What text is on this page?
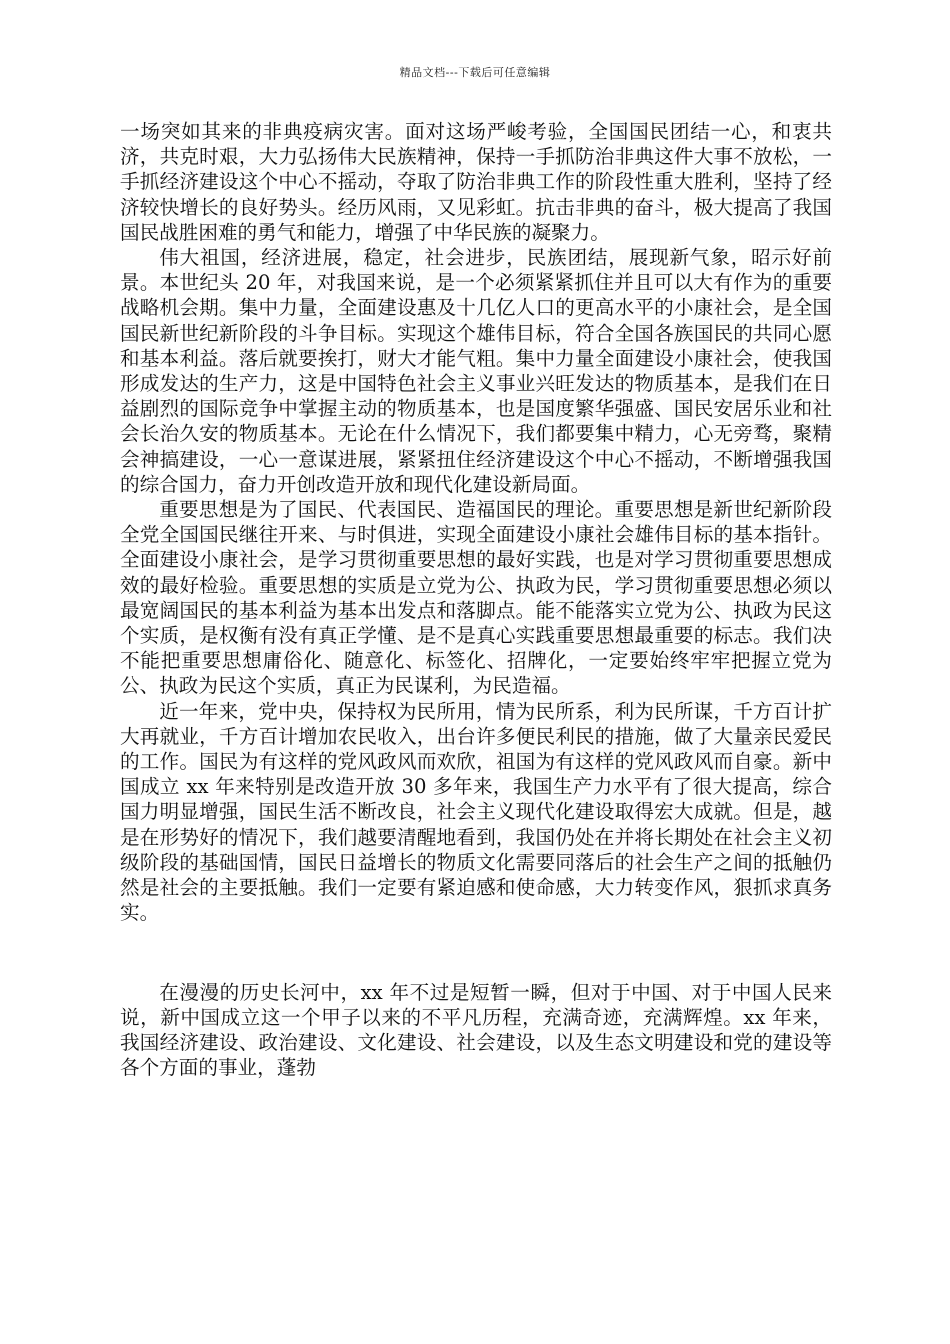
精品文档---下载后可任意编辑

一场突如其来的非典疫病灾害。面对这场严峻考验，全国国民团结一心，和衷共济，共克时艰，大力弘扬伟大民族精神，保持一手抓防治非典这件大事不放松，一手抓经济建设这个中心不摇动，夺取了防治非典工作的阶段性重大胜利，坚持了经济较快增长的良好势头。经历风雨，又见彩虹。抗击非典的奋斗，极大提高了我国国民战胜困难的勇气和能力，增强了中华民族的凝聚力。

伟大祖国，经济进展，稳定，社会进步，民族团结，展现新气象，昭示好前景。本世纪头 20 年，对我国来说，是一个必须紧紧抓住并且可以大有作为的重要战略机会期。集中力量，全面建设惠及十几亿人口的更高水平的小康社会，是全国国民新世纪新阶段的斗争目标。实现这个雄伟目标，符合全国各族国民的共同心愿和基本利益。落后就要挨打，财大才能气粗。集中力量全面建设小康社会，使我国形成发达的生产力，这是中国特色社会主义事业兴旺发达的物质基本，是我们在日益剧烈的国际竞争中掌握主动的物质基本，也是国度繁华强盛、国民安居乐业和社会长治久安的物质基本。无论在什么情况下，我们都要集中精力，心无旁骛，聚精会神搞建设，一心一意谋进展，紧紧扭住经济建设这个中心不摇动，不断增强我国的综合国力，奋力开创改造开放和现代化建设新局面。

重要思想是为了国民、代表国民、造福国民的理论。重要思想是新世纪新阶段全党全国国民继往开来、与时俱进，实现全面建设小康社会雄伟目标的基本指针。全面建设小康社会，是学习贯彻重要思想的最好实践，也是对学习贯彻重要思想成效的最好检验。重要思想的实质是立党为公、执政为民，学习贯彻重要思想必须以最宽阔国民的基本利益为基本出发点和落脚点。能不能落实立党为公、执政为民这个实质，是权衡有没有真正学懂、是不是真心实践重要思想最重要的标志。我们决不能把重要思想庸俗化、随意化、标签化、招牌化，一定要始终牢牢把握立党为公、执政为民这个实质，真正为民谋利，为民造福。

近一年来，党中央，保持权为民所用，情为民所系，利为民所谋，千方百计扩大再就业，千方百计增加农民收入，出台许多便民利民的措施，做了大量亲民爱民的工作。国民为有这样的党风政风而欢欣，祖国为有这样的党风政风而自豪。新中国成立 xx 年来特别是改造开放 30 多年来，我国生产力水平有了很大提高，综合国力明显增强，国民生活不断改良，社会主义现代化建设取得宏大成就。但是，越是在形势好的情况下，我们越要清醒地看到，我国仍处在并将长期处在社会主义初级阶段的基础国情，国民日益增长的物质文化需要同落后的社会生产之间的抵触仍然是社会的主要抵触。我们一定要有紧迫感和使命感，大力转变作风，狠抓求真务实。

在漫漫的历史长河中，xx 年不过是短暂一瞬，但对于中国、对于中国人民来说，新中国成立这一个甲子以来的不平凡历程，充满奇迹，充满辉煌。xx 年来，我国经济建设、政治建设、文化建设、社会建设，以及生态文明建设和党的建设等各个方面的事业，蓬勃
